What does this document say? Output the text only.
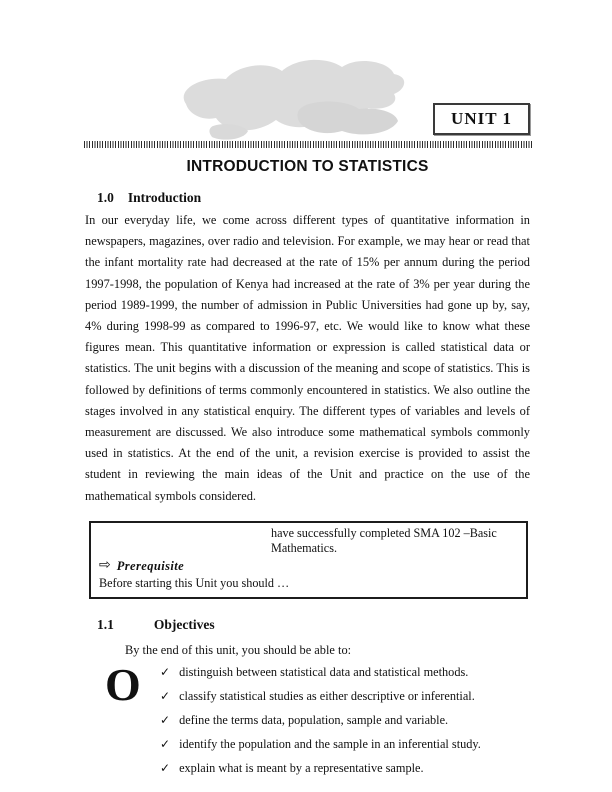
UNIT 1
INTRODUCTION TO STATISTICS
1.0 Introduction
In our everyday life, we come across different types of quantitative information in newspapers, magazines, over radio and television. For example, we may hear or read that the infant mortality rate had decreased at the rate of 15% per annum during the period 1997-1998, the population of Kenya had increased at the rate of 3% per year during the period 1989-1999, the number of admission in Public Universities had gone up by, say, 4% during 1998-99 as compared to 1996-97, etc. We would like to know what these figures mean. This quantitative information or expression is called statistical data or statistics. The unit begins with a discussion of the meaning and scope of statistics. This is followed by definitions of terms commonly encountered in statistics. We also outline the stages involved in any statistical enquiry. The different types of variables and levels of measurement are discussed. We also introduce some mathematical symbols commonly used in statistics. At the end of the unit, a revision exercise is provided to assist the student in reviewing the main ideas of the Unit and practice on the use of the mathematical symbols considered.
have successfully completed SMA 102 –Basic Mathematics.
⇨ Prerequisite
Before starting this Unit you should …
1.1	Objectives
By the end of this unit, you should be able to:
✓ distinguish between statistical data and statistical methods.
✓ classify statistical studies as either descriptive or inferential.
✓ define the terms data, population, sample and variable.
✓ identify the population and the sample in an inferential study.
✓ explain what is meant by a representative sample.
O
